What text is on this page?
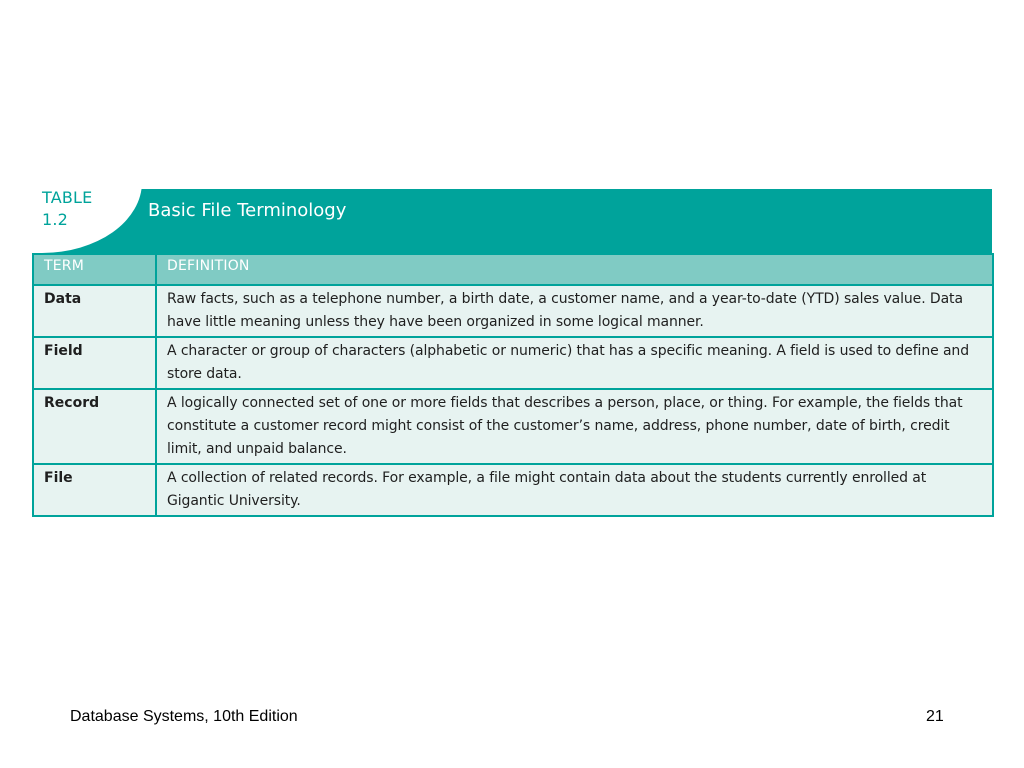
TABLE
1.2	Basic File Terminology
TERM	DEFINITION
Data	Raw facts, such as a telephone number, a birth date, a customer name, and a year-to-date (YTD) sales value. Data have little meaning unless they have been organized in some logical manner.
Field	A character or group of characters (alphabetic or numeric) that has a specific meaning. A field is used to define and store data.
Record	A logically connected set of one or more fields that describes a person, place, or thing. For example, the fields that constitute a customer record might consist of the customer’s name, address, phone number, date of birth, credit limit, and unpaid balance.
File	A collection of related records. For example, a file might contain data about the students currently enrolled at Gigantic University.
Database Systems, 10th Edition	21
